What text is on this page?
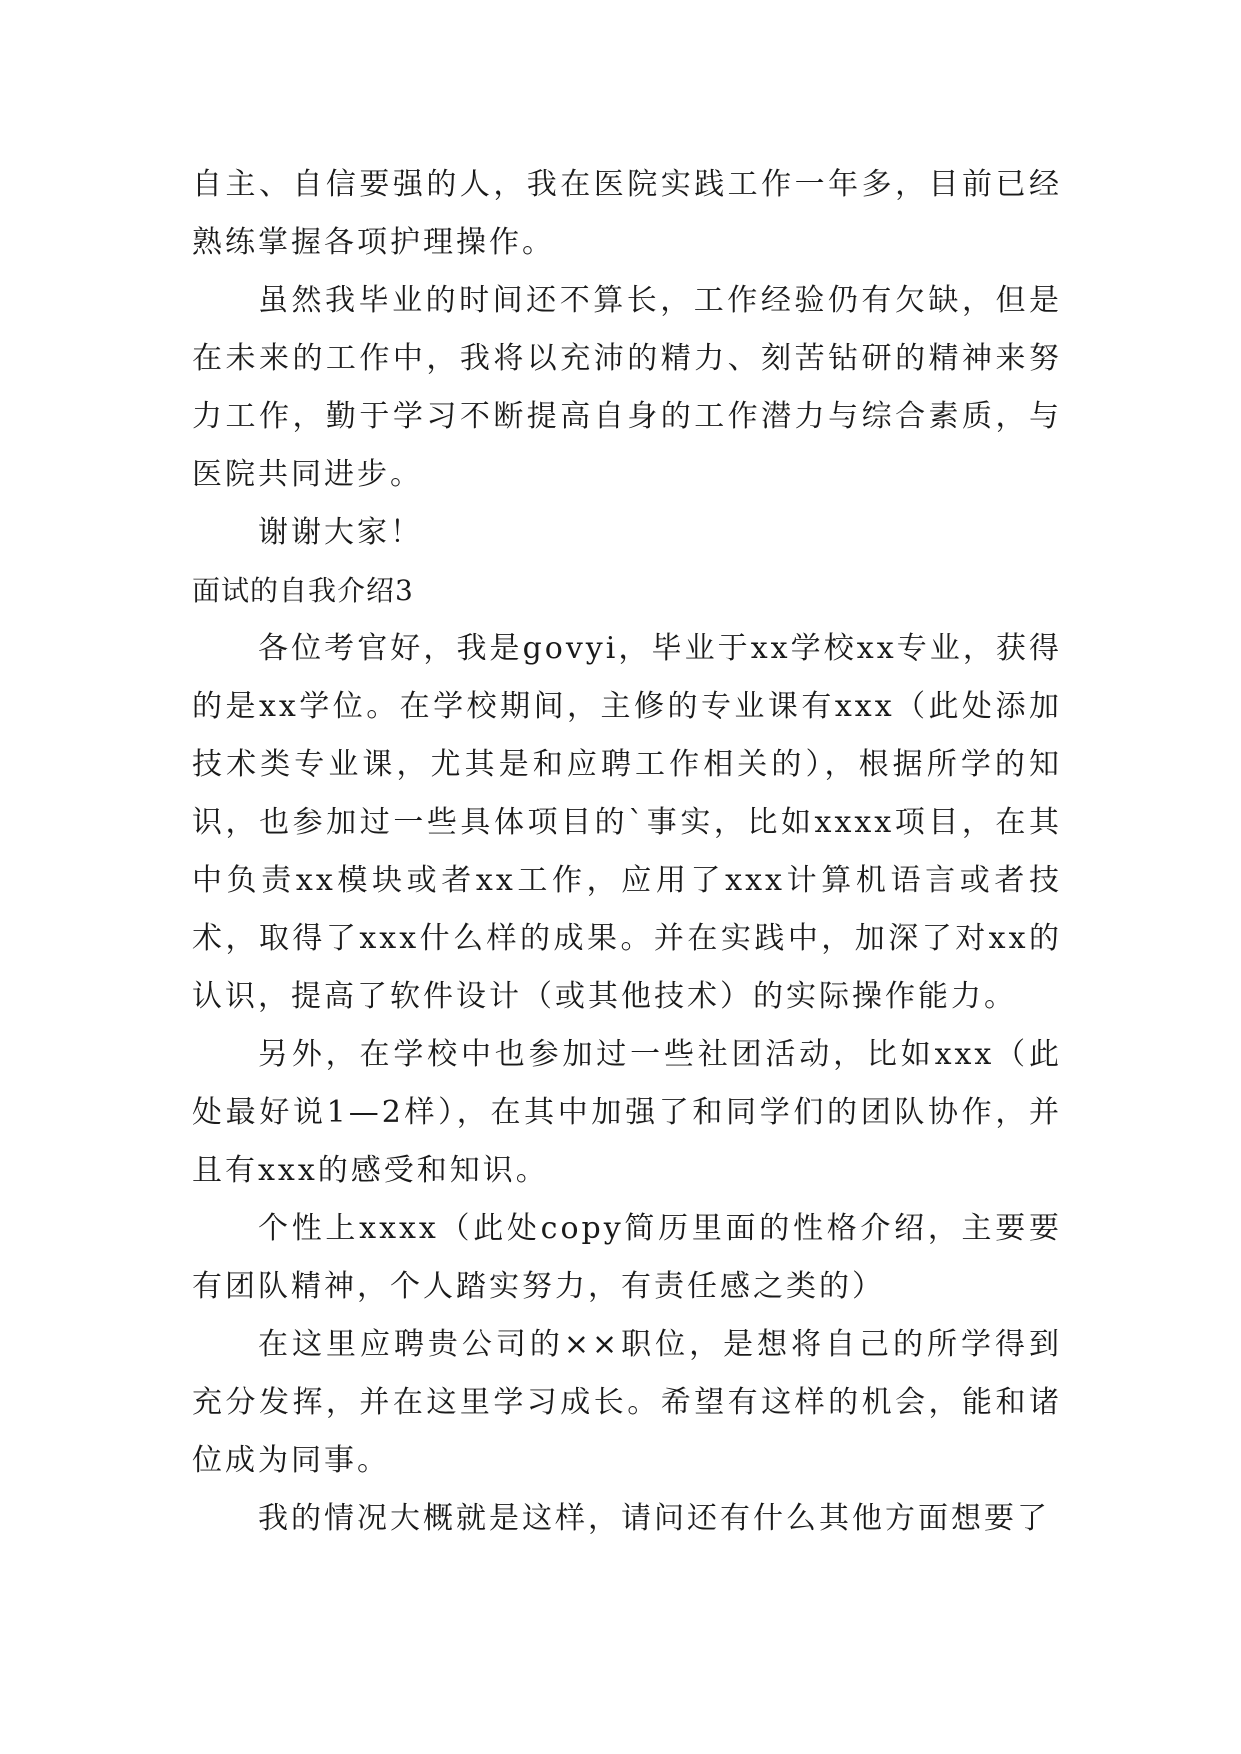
自主、自信要强的人，我在医院实践工作一年多，目前已经熟练掌握各项护理操作。

虽然我毕业的时间还不算长，工作经验仍有欠缺，但是在未来的工作中，我将以充沛的精力、刻苦钻研的精神来努力工作，勤于学习不断提高自身的工作潜力与综合素质，与医院共同进步。

谢谢大家！

面试的自我介绍3

各位考官好，我是govyi，毕业于xx学校xx专业，获得的是xx学位。在学校期间，主修的专业课有xxx（此处添加技术类专业课，尤其是和应聘工作相关的），根据所学的知识，也参加过一些具体项目的`事实，比如xxxx项目，在其中负责xx模块或者xx工作，应用了xxx计算机语言或者技术，取得了xxx什么样的成果。并在实践中，加深了对xx的认识，提高了软件设计（或其他技术）的实际操作能力。

另外，在学校中也参加过一些社团活动，比如xxx（此处最好说1—2样），在其中加强了和同学们的团队协作，并且有xxx的感受和知识。

个性上xxxx（此处copy简历里面的性格介绍，主要要有团队精神，个人踏实努力，有责任感之类的）

在这里应聘贵公司的××职位，是想将自己的所学得到充分发挥，并在这里学习成长。希望有这样的机会，能和诸位成为同事。

我的情况大概就是这样，请问还有什么其他方面想要了
